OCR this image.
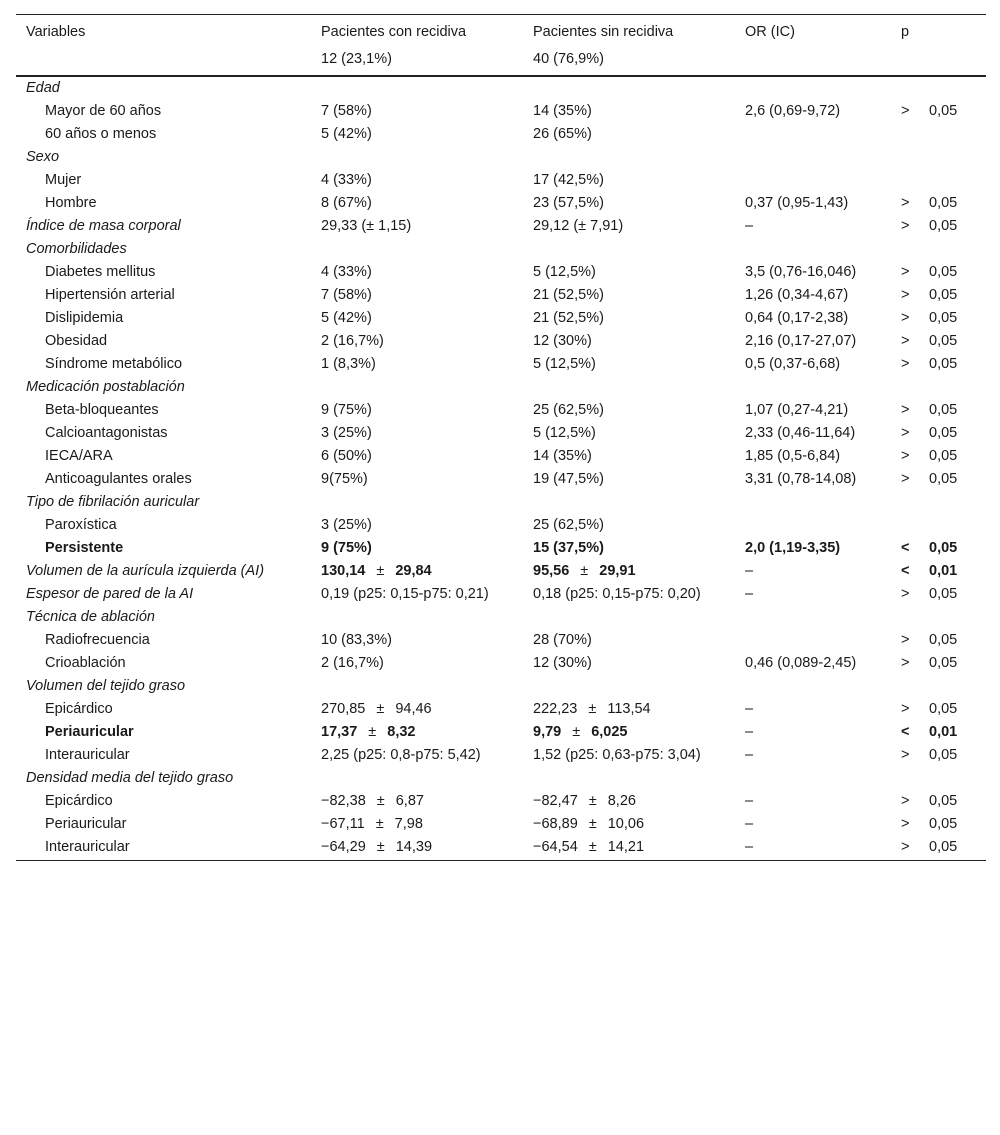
Variables	Pacientes con recidiva	Pacientes sin recidiva	OR (IC)	p
	12 (23,1%)	40 (76,9%)		
Edad				
Mayor de 60 años	7 (58%)	14 (35%)	2,6 (0,69-9,72)	> 0,05

60 años o menos	5 (42%)	26 (65%)		
Sexo				
Mujer	4 (33%)	17 (42,5%)		
Hombre	8 (67%)	23 (57,5%)	0,37 (0,95-1,43)	> 0,05

Índice de masa corporal	29,33 (± 1,15)	29,12 (± 7,91)	–	> 0,05

Comorbilidades				
Diabetes mellitus	4 (33%)	5 (12,5%)	3,5 (0,76-16,046)	> 0,05

Hipertensión arterial	7 (58%)	21 (52,5%)	1,26 (0,34-4,67)	> 0,05

Dislipidemia	5 (42%)	21 (52,5%)	0,64 (0,17-2,38)	> 0,05

Obesidad	2 (16,7%)	12 (30%)	2,16 (0,17-27,07)	> 0,05

Síndrome metabólico	1 (8,3%)	5 (12,5%)	0,5 (0,37-6,68)	> 0,05

Medicación postablación				
Beta-bloqueantes	9 (75%)	25 (62,5%)	1,07 (0,27-4,21)	> 0,05

Calcioantagonistas	3 (25%)	5 (12,5%)	2,33 (0,46-11,64)	> 0,05

IECA/ARA	6 (50%)	14 (35%)	1,85 (0,5-6,84)	> 0,05

Anticoagulantes orales	9(75%)	19 (47,5%)	3,31 (0,78-14,08)	> 0,05

Tipo de fibrilación auricular				
Paroxística	3 (25%)	25 (62,5%)		
Persistente	9 (75%)	15 (37,5%)	2,0 (1,19-3,35)	< 0,05

Volumen de la aurícula izquierda (AI)	130,14 ± 29,84	95,56 ± 29,91	–	< 0,01

Espesor de pared de la AI	0,19 (p25: 0,15-p75: 0,21)	0,18 (p25: 0,15-p75: 0,20)	–	> 0,05

Técnica de ablación				
Radiofrecuencia	10 (83,3%)	28 (70%)		> 0,05

Crioablación	2 (16,7%)	12 (30%)	0,46 (0,089-2,45)	> 0,05

Volumen del tejido graso				
Epicárdico	270,85 ± 94,46	222,23 ± 113,54	–	> 0,05

Periauricular	17,37 ± 8,32	9,79 ± 6,025	–	< 0,01

Interauricular	2,25 (p25: 0,8-p75: 5,42)	1,52 (p25: 0,63-p75: 3,04)	–	> 0,05

Densidad media del tejido graso				
Epicárdico	−82,38 ± 6,87	−82,47 ± 8,26	–	> 0,05

Periauricular	−67,11 ± 7,98	−68,89 ± 10,06	–	> 0,05

Interauricular	−64,29 ± 14,39	−64,54 ± 14,21	–	> 0,05
